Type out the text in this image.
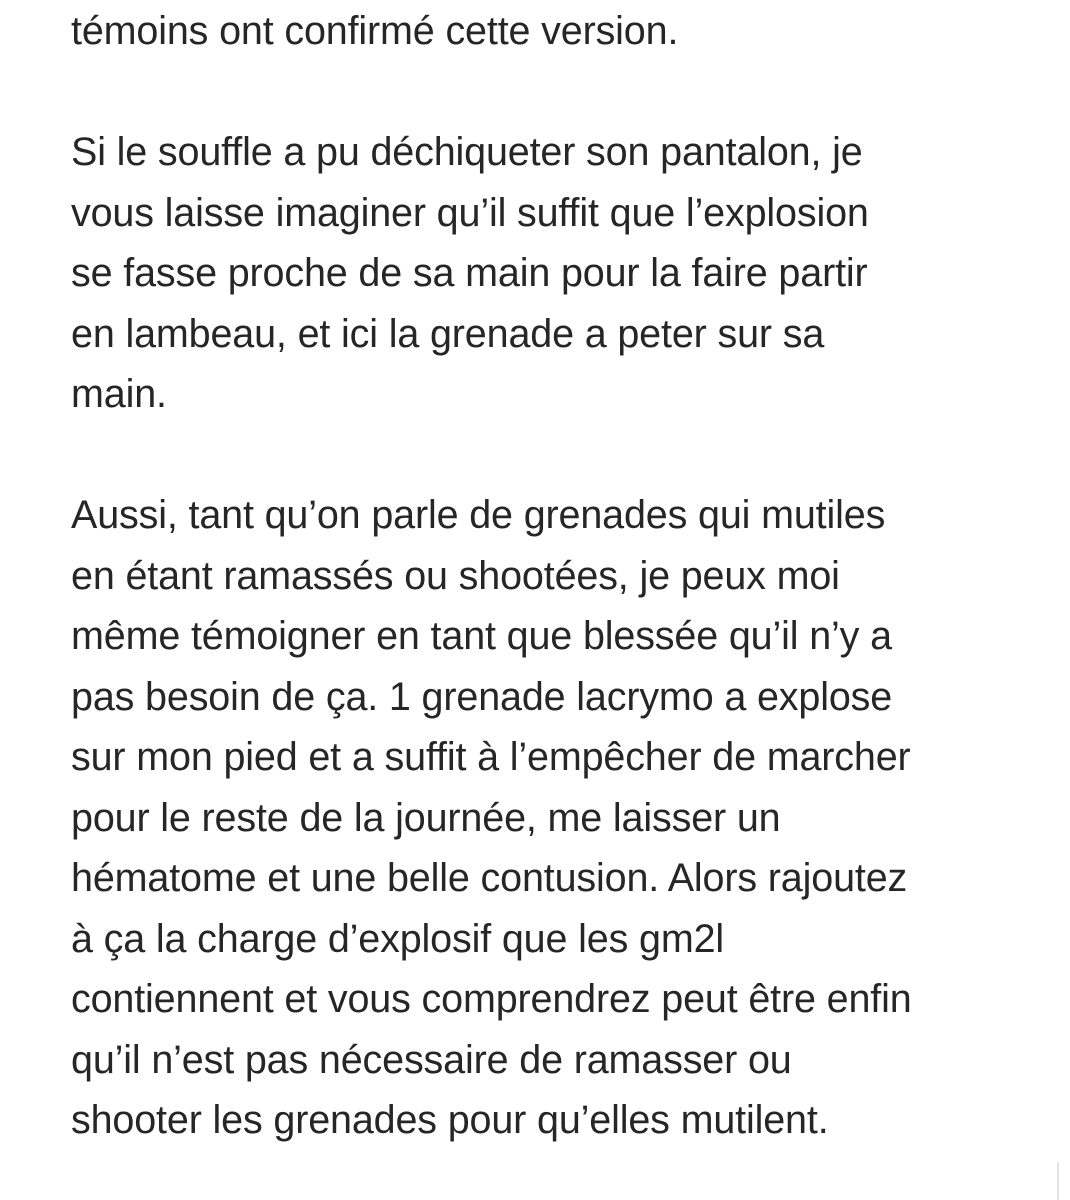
témoins ont confirmé cette version.
Si le souffle a pu déchiqueter son pantalon, je
vous laisse imaginer qu’il suffit que l’explosion
se fasse proche de sa main pour la faire partir
en lambeau, et ici la grenade a peter sur sa
main.
Aussi, tant qu’on parle de grenades qui mutiles
en étant ramassés ou shootées, je peux moi
même témoigner en tant que blessée qu’il n’y a
pas besoin de ça. 1 grenade lacrymo a explose
sur mon pied et a suffit à l’empêcher de marcher
pour le reste de la journée, me laisser un
hématome et une belle contusion. Alors rajoutez
à ça la charge d’explosif que les gm2l
contiennent et vous comprendrez peut être enfin
qu’il n’est pas nécessaire de ramasser ou
shooter les grenades pour qu’elles mutilent.
